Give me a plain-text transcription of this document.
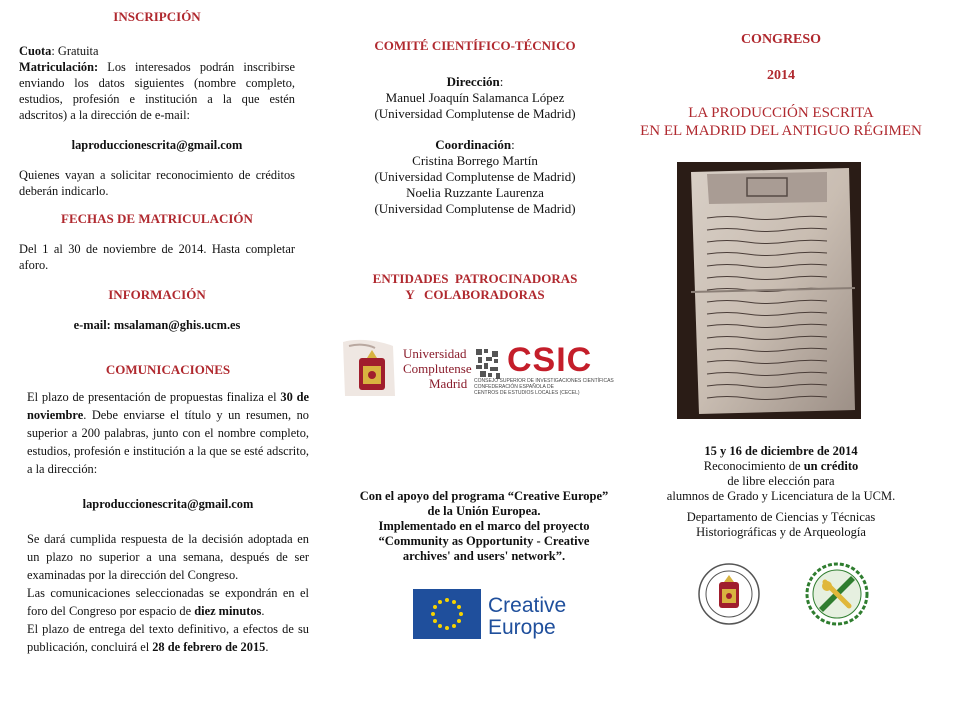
INSCRIPCIÓN

Cuota: Gratuita
Matriculación: Los interesados podrán inscribirse enviando los datos siguientes (nombre completo, estudios, profesión e institución a la que estén adscritos) a la dirección de e-mail:

laproduccionescrita@gmail.com

Quienes vayan a solicitar reconocimiento de créditos deberán indicarlo.

FECHAS DE MATRICULACIÓN

Del 1 al 30 de noviembre de 2014. Hasta completar aforo.

INFORMACIÓN

e-mail: msalaman@ghis.ucm.es

COMUNICACIONES

El plazo de presentación de propuestas finaliza el 30 de noviembre. Debe enviarse el título y un resumen, no superior a 200 palabras, junto con el nombre completo, estudios, profesión e institución a la que se esté adscrito, a la dirección:

laproduccionescrita@gmail.com

Se dará cumplida respuesta de la decisión adoptada en un plazo no superior a una semana, después de ser examinadas por la dirección del Congreso.

Las comunicaciones seleccionadas se expondrán en el foro del Congreso por espacio de diez minutos.

El plazo de entrega del texto definitivo, a efectos de su publicación, concluirá el 28 de febrero de 2015.

COMITÉ CIENTÍFICO-TÉCNICO
Dirección:
Manuel Joaquín Salamanca López
(Universidad Complutense de Madrid)
Coordinación:
Cristina Borrego Martín
(Universidad Complutense de Madrid)
Noelia Ruzzante Laurenza
(Universidad Complutense de Madrid)
ENTIDADES  PATROCINADORAS
Y   COLABORADORAS
Universidad
Complutense
Madrid
CSIC
CONSEJO SUPERIOR DE INVESTIGACIONES CIENTÍFICAS
CONFEDERACIÓN ESPAÑOLA DE
CENTROS DE ESTUDIOS LOCALES (CECEL)
Con el apoyo del programa “Creative Europe”
de la Unión Europea.
Implementado en el marco del proyecto
“Community as Opportunity - Creative
archives' and users' network”.
Creative
Europe
CONGRESO
2014
LA PRODUCCIÓN ESCRITA
EN EL MADRID DEL ANTIGUO RÉGIMEN
15 y 16 de diciembre de 2014
Reconocimiento de un crédito
de libre elección para
alumnos de Grado y Licenciatura de la UCM.
Departamento de Ciencias y Técnicas
Historiográficas y de Arqueología
